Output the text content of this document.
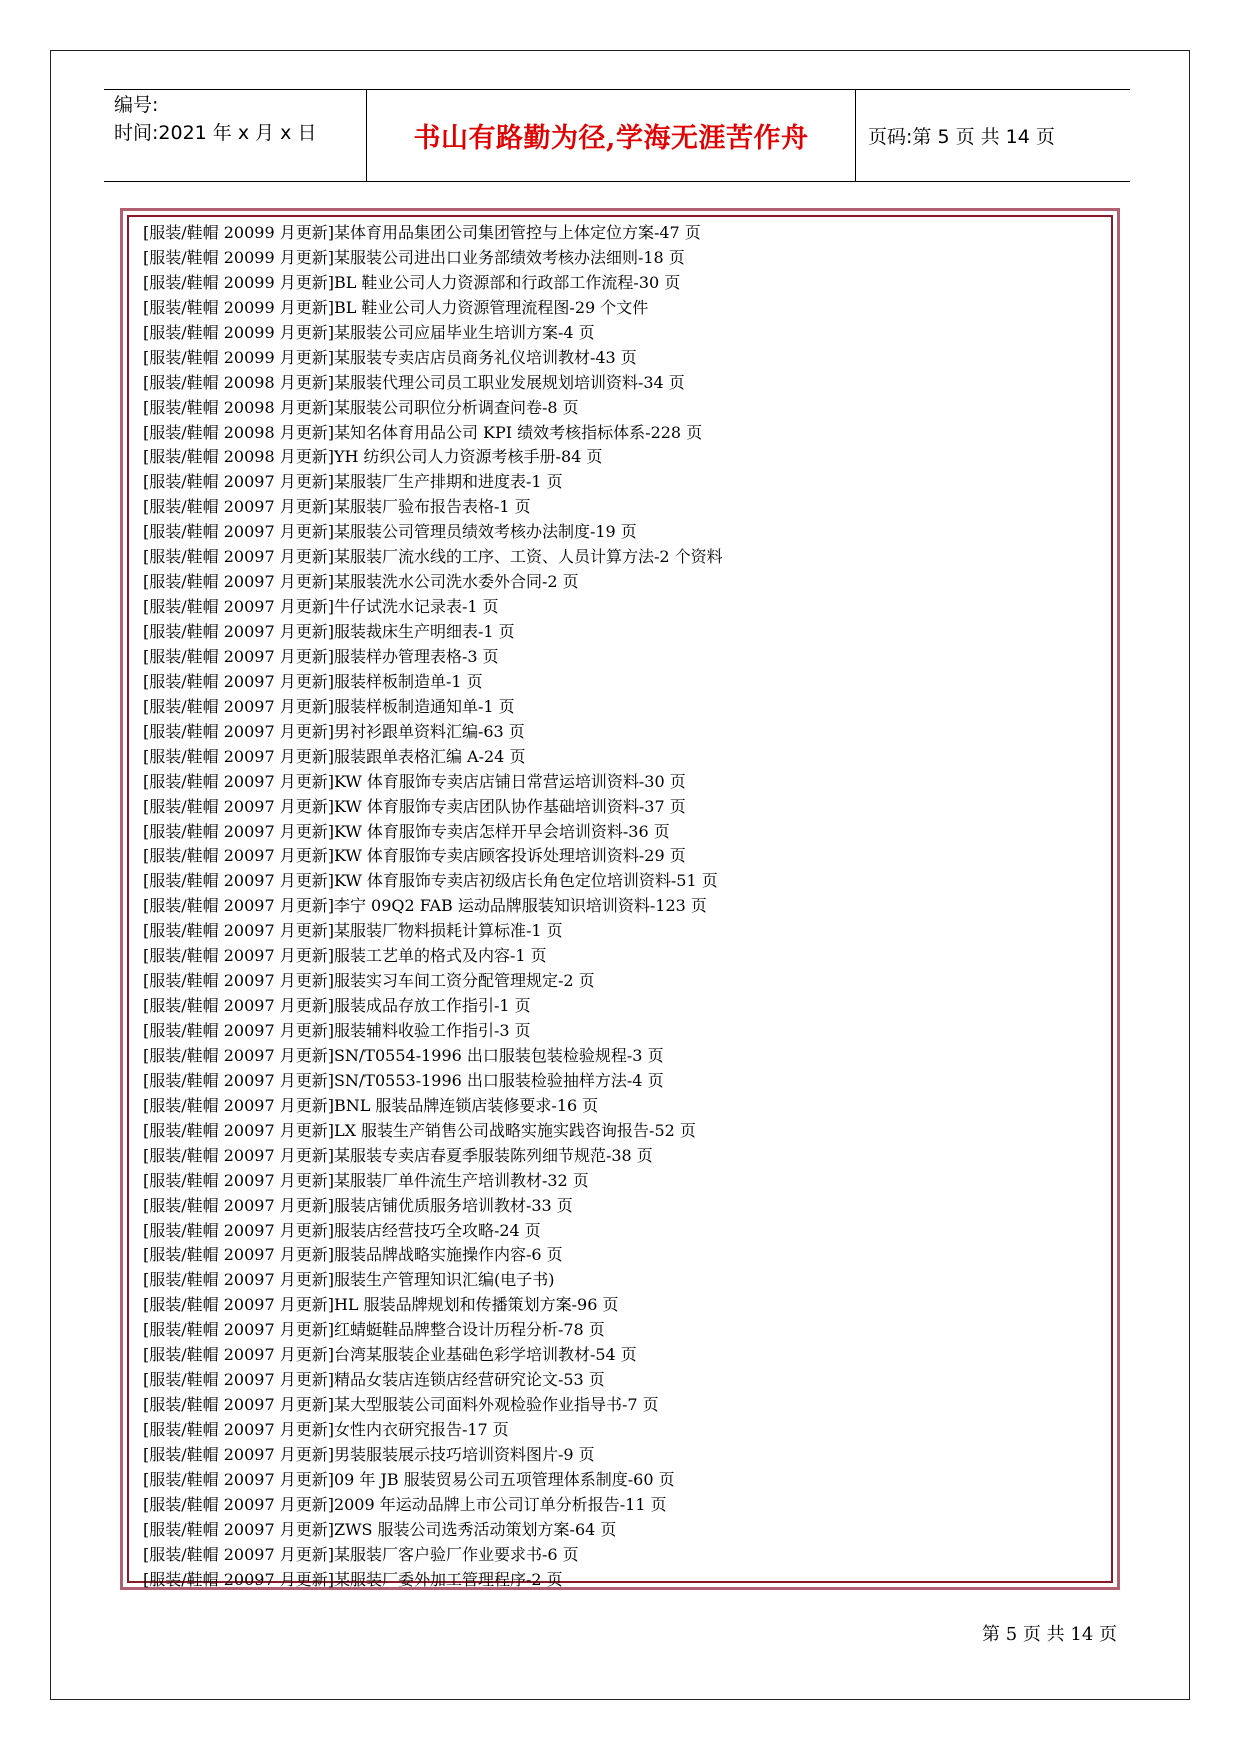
编号:
时间:2021 年 x 月 x 日	书山有路勤为径,学海无涯苦作舟	页码:第 5 页 共 14 页
[服装/鞋帽 20099 月更新]某体育用品集团公司集团管控与上体定位方案-47 页
[服装/鞋帽 20099 月更新]某服装公司进出口业务部绩效考核办法细则-18 页
[服装/鞋帽 20099 月更新]BL 鞋业公司人力资源部和行政部工作流程-30 页
[服装/鞋帽 20099 月更新]BL 鞋业公司人力资源管理流程图-29 个文件
[服装/鞋帽 20099 月更新]某服装公司应届毕业生培训方案-4 页
[服装/鞋帽 20099 月更新]某服装专卖店店员商务礼仪培训教材-43 页
[服装/鞋帽 20098 月更新]某服装代理公司员工职业发展规划培训资料-34 页
[服装/鞋帽 20098 月更新]某服装公司职位分析调查问卷-8 页
[服装/鞋帽 20098 月更新]某知名体育用品公司 KPI 绩效考核指标体系-228 页
[服装/鞋帽 20098 月更新]YH 纺织公司人力资源考核手册-84 页
[服装/鞋帽 20097 月更新]某服装厂生产排期和进度表-1 页
[服装/鞋帽 20097 月更新]某服装厂验布报告表格-1 页
[服装/鞋帽 20097 月更新]某服装公司管理员绩效考核办法制度-19 页
[服装/鞋帽 20097 月更新]某服装厂流水线的工序、工资、人员计算方法-2 个资料
[服装/鞋帽 20097 月更新]某服装洗水公司洗水委外合同-2 页
[服装/鞋帽 20097 月更新]牛仔试洗水记录表-1 页
[服装/鞋帽 20097 月更新]服装裁床生产明细表-1 页
[服装/鞋帽 20097 月更新]服装样办管理表格-3 页
[服装/鞋帽 20097 月更新]服装样板制造单-1 页
[服装/鞋帽 20097 月更新]服装样板制造通知单-1 页
[服装/鞋帽 20097 月更新]男衬衫跟单资料汇编-63 页
[服装/鞋帽 20097 月更新]服装跟单表格汇编 A-24 页
[服装/鞋帽 20097 月更新]KW 体育服饰专卖店店铺日常营运培训资料-30 页
[服装/鞋帽 20097 月更新]KW 体育服饰专卖店团队协作基础培训资料-37 页
[服装/鞋帽 20097 月更新]KW 体育服饰专卖店怎样开早会培训资料-36 页
[服装/鞋帽 20097 月更新]KW 体育服饰专卖店顾客投诉处理培训资料-29 页
[服装/鞋帽 20097 月更新]KW 体育服饰专卖店初级店长角色定位培训资料-51 页
[服装/鞋帽 20097 月更新]李宁 09Q2 FAB 运动品牌服装知识培训资料-123 页
[服装/鞋帽 20097 月更新]某服装厂物料损耗计算标准-1 页
[服装/鞋帽 20097 月更新]服装工艺单的格式及内容-1 页
[服装/鞋帽 20097 月更新]服装实习车间工资分配管理规定-2 页
[服装/鞋帽 20097 月更新]服装成品存放工作指引-1 页
[服装/鞋帽 20097 月更新]服装辅料收验工作指引-3 页
[服装/鞋帽 20097 月更新]SN/T0554-1996 出口服装包装检验规程-3 页
[服装/鞋帽 20097 月更新]SN/T0553-1996 出口服装检验抽样方法-4 页
[服装/鞋帽 20097 月更新]BNL 服装品牌连锁店装修要求-16 页
[服装/鞋帽 20097 月更新]LX 服装生产销售公司战略实施实践咨询报告-52 页
[服装/鞋帽 20097 月更新]某服装专卖店春夏季服装陈列细节规范-38 页
[服装/鞋帽 20097 月更新]某服装厂单件流生产培训教材-32 页
[服装/鞋帽 20097 月更新]服装店铺优质服务培训教材-33 页
[服装/鞋帽 20097 月更新]服装店经营技巧全攻略-24 页
[服装/鞋帽 20097 月更新]服装品牌战略实施操作内容-6 页
[服装/鞋帽 20097 月更新]服装生产管理知识汇编(电子书)
[服装/鞋帽 20097 月更新]HL 服装品牌规划和传播策划方案-96 页
[服装/鞋帽 20097 月更新]红蜻蜓鞋品牌整合设计历程分析-78 页
[服装/鞋帽 20097 月更新]台湾某服装企业基础色彩学培训教材-54 页
[服装/鞋帽 20097 月更新]精品女装店连锁店经营研究论文-53 页
[服装/鞋帽 20097 月更新]某大型服装公司面料外观检验作业指导书-7 页
[服装/鞋帽 20097 月更新]女性内衣研究报告-17 页
[服装/鞋帽 20097 月更新]男装服装展示技巧培训资料图片-9 页
[服装/鞋帽 20097 月更新]09 年 JB 服装贸易公司五项管理体系制度-60 页
[服装/鞋帽 20097 月更新]2009 年运动品牌上市公司订单分析报告-11 页
[服装/鞋帽 20097 月更新]ZWS 服装公司选秀活动策划方案-64 页
[服装/鞋帽 20097 月更新]某服装厂客户验厂作业要求书-6 页
[服装/鞋帽 20097 月更新]某服装厂委外加工管理程序-2 页
第 5 页 共 14 页
